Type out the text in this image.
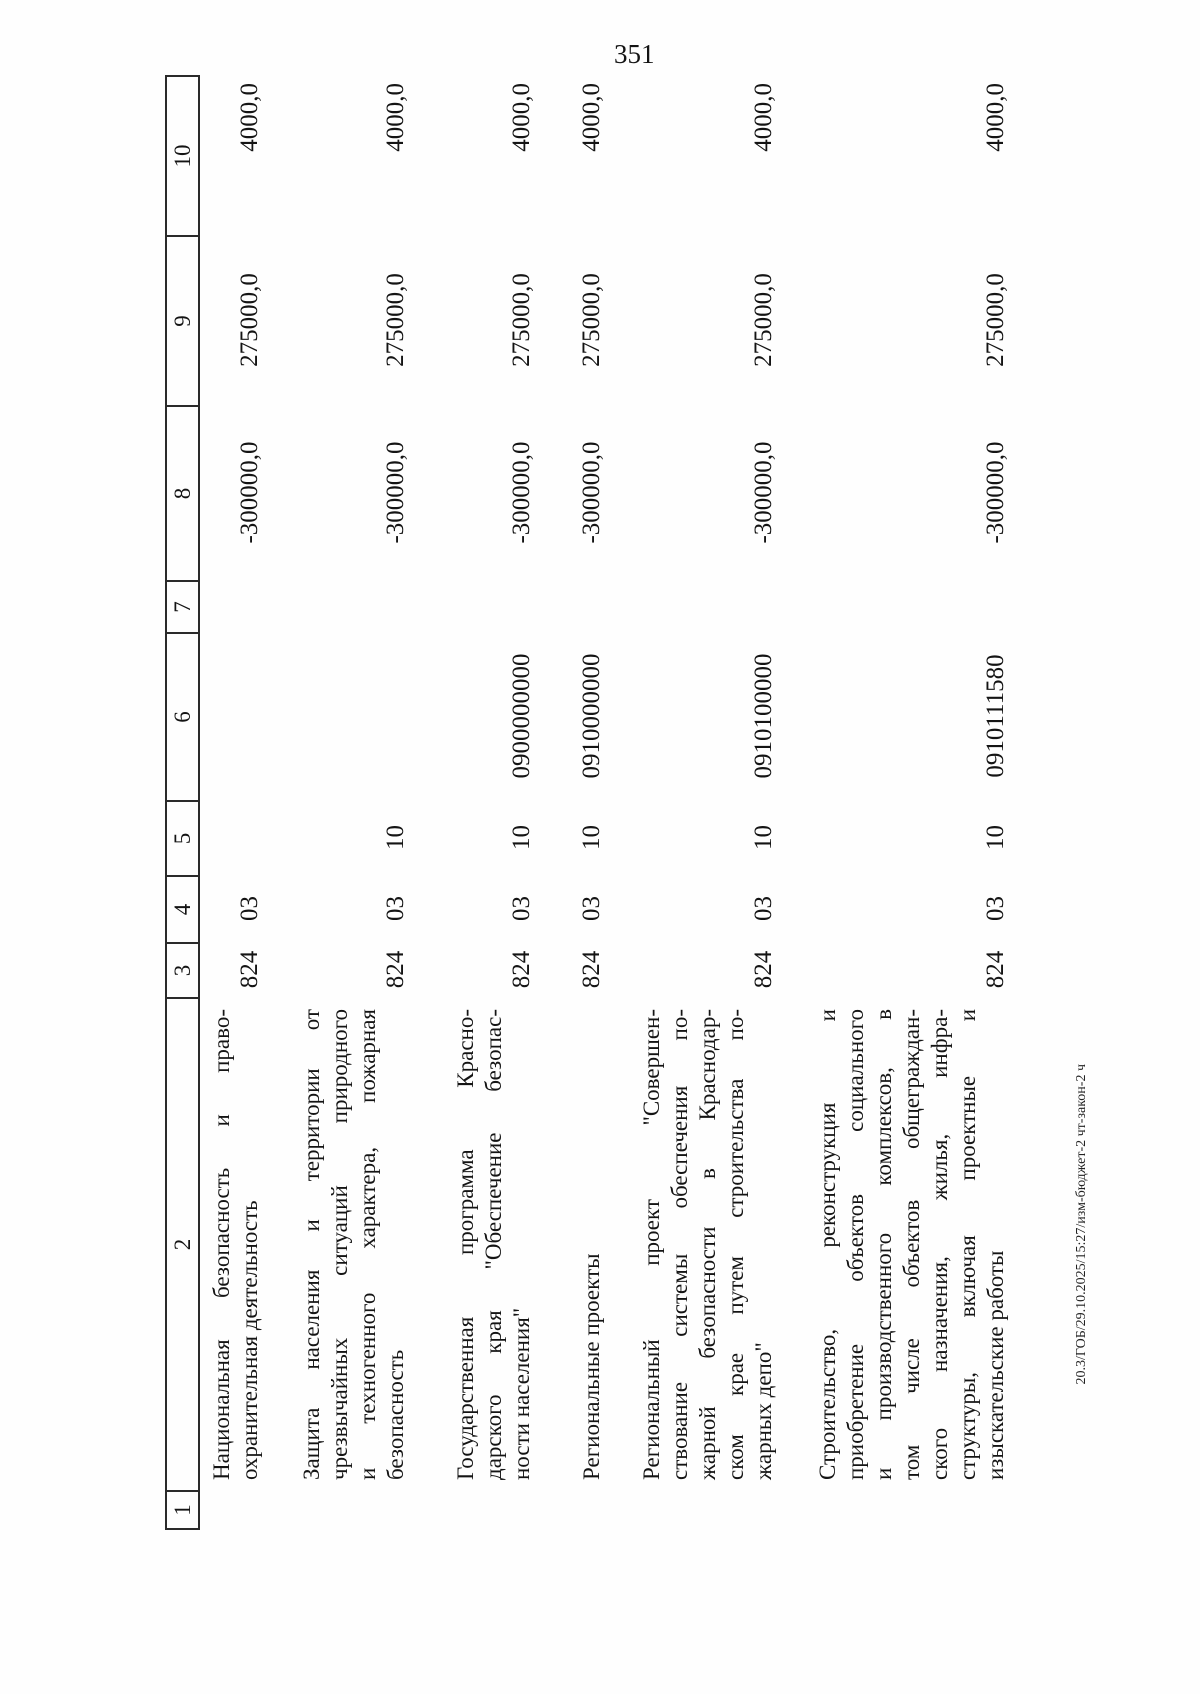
351
1
2
3
4
5
6
7
8
9
10
Национальная безопасность и право- охранительная деятельность
824
03
-300000,0
275000,0
4000,0
Защита населения и территории от чрезвычайных ситуаций природного и техногенного характера, пожарная безопасность
824
03
10
-300000,0
275000,0
4000,0
Государственная программа Красно- дарского края "Обеспечение безопас- ности населения"
824
03
10
0900000000
-300000,0
275000,0
4000,0
Региональные проекты
824
03
10
0910000000
-300000,0
275000,0
4000,0
Региональный проект "Совершен- ствование системы обеспечения по- жарной безопасности в Краснодар- ском крае путем строительства по- жарных депо"
824
03
10
0910100000
-300000,0
275000,0
4000,0
Строительство, реконструкция и приобретение объектов социального и производственного комплексов, в том числе объектов общеграждан- ского назначения, жилья, инфра- структуры, включая проектные и изыскательские работы
824
03
10
0910111580
-300000,0
275000,0
4000,0
20.3/ГОБ/29.10.2025/15:27/изм-бюджет-2 чт-закон-2 ч
